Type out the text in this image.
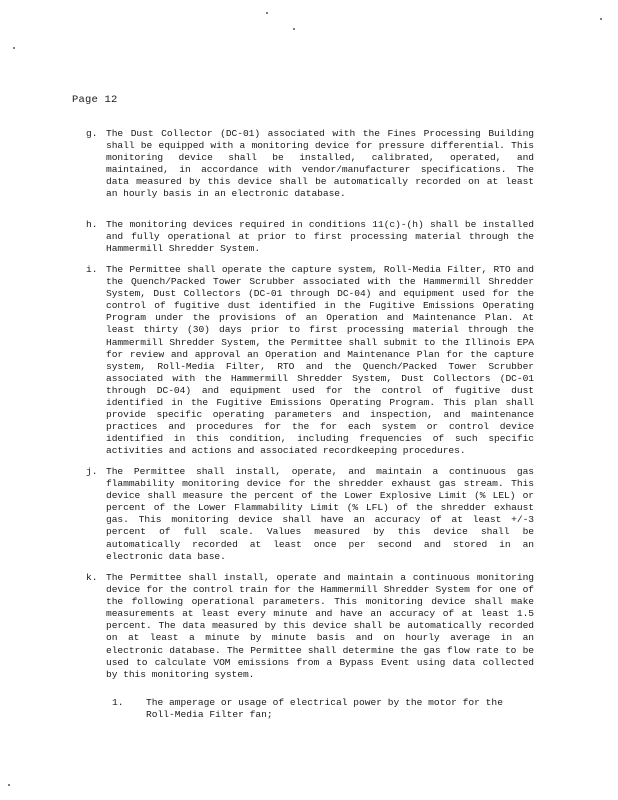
Page 12
g. The Dust Collector (DC-01) associated with the Fines Processing Building shall be equipped with a monitoring device for pressure differential. This monitoring device shall be installed, calibrated, operated, and maintained, in accordance with vendor/manufacturer specifications. The data measured by this device shall be automatically recorded on at least an hourly basis in an electronic database.
h. The monitoring devices required in conditions 11(c)-(h) shall be installed and fully operational at prior to first processing material through the Hammermill Shredder System.
i. The Permittee shall operate the capture system, Roll-Media Filter, RTO and the Quench/Packed Tower Scrubber associated with the Hammermill Shredder System, Dust Collectors (DC-01 through DC-04) and equipment used for the control of fugitive dust identified in the Fugitive Emissions Operating Program under the provisions of an Operation and Maintenance Plan. At least thirty (30) days prior to first processing material through the Hammermill Shredder System, the Permittee shall submit to the Illinois EPA for review and approval an Operation and Maintenance Plan for the capture system, Roll-Media Filter, RTO and the Quench/Packed Tower Scrubber associated with the Hammermill Shredder System, Dust Collectors (DC-01 through DC-04) and equipment used for the control of fugitive dust identified in the Fugitive Emissions Operating Program. This plan shall provide specific operating parameters and inspection, and maintenance practices and procedures for the for each system or control device identified in this condition, including frequencies of such specific activities and actions and associated recordkeeping procedures.
j. The Permittee shall install, operate, and maintain a continuous gas flammability monitoring device for the shredder exhaust gas stream. This device shall measure the percent of the Lower Explosive Limit (% LEL) or percent of the Lower Flammability Limit (% LFL) of the shredder exhaust gas. This monitoring device shall have an accuracy of at least +/-3 percent of full scale. Values measured by this device shall be automatically recorded at least once per second and stored in an electronic data base.
k. The Permittee shall install, operate and maintain a continuous monitoring device for the control train for the Hammermill Shredder System for one of the following operational parameters. This monitoring device shall make measurements at least every minute and have an accuracy of at least 1.5 percent. The data measured by this device shall be automatically recorded on at least a minute by minute basis and on hourly average in an electronic database. The Permittee shall determine the gas flow rate to be used to calculate VOM emissions from a Bypass Event using data collected by this monitoring system.
1. The amperage or usage of electrical power by the motor for the Roll-Media Filter fan;
